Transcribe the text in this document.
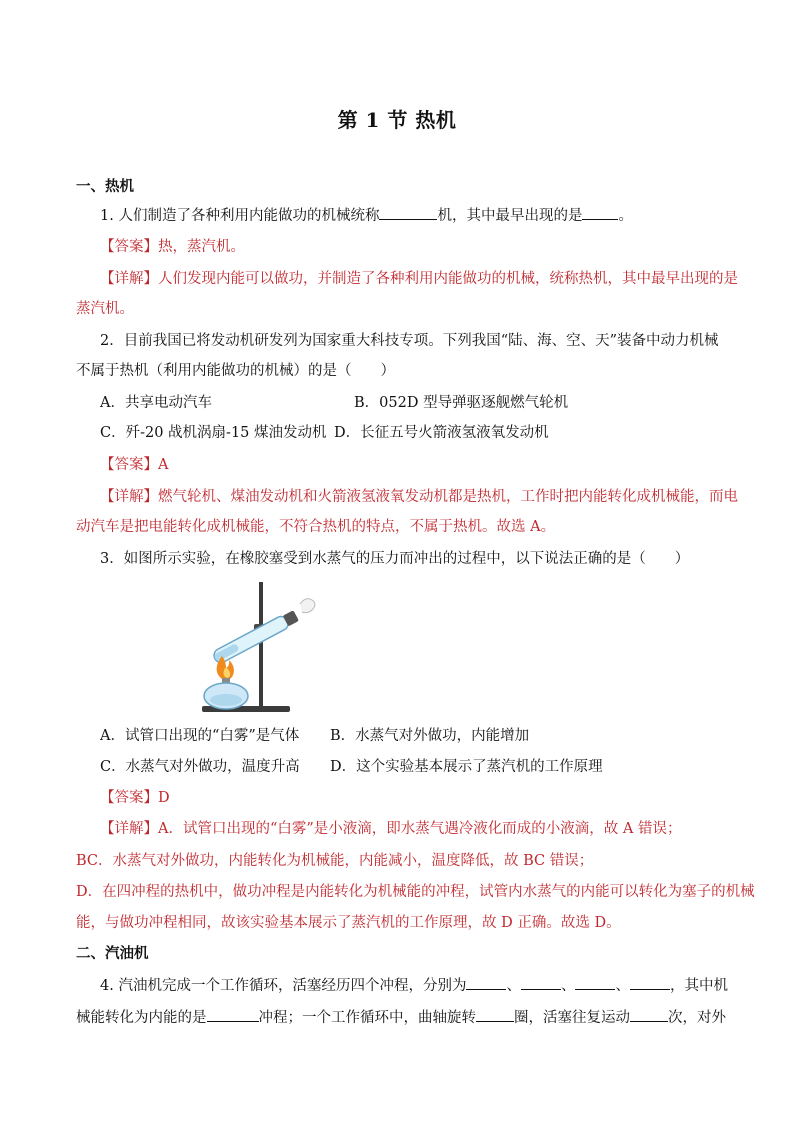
第 1 节 热机
一、热机
1. 人们制造了各种利用内能做功的机械统称	机，其中最早出现的是 。
【答案】热，蒸汽机。
【详解】人们发现内能可以做功，并制造了各种利用内能做功的机械，统称热机，其中最早出现的是
蒸汽机。
2．目前我国已将发动机研发列为国家重大科技专项。下列我国“陆、海、空、天”装备中动力机械
不属于热机（利用内能做功的机械）的是（　　）
A．共享电动汽车	B．052D 型导弹驱逐舰燃气轮机
C．歼-20 战机涡扇-15 煤油发动机 D．长征五号火箭液氢液氧发动机
【答案】A
【详解】燃气轮机、煤油发动机和火箭液氢液氧发动机都是热机，工作时把内能转化成机械能，而电
动汽车是把电能转化成机械能，不符合热机的特点，不属于热机。故选 A。
3．如图所示实验，在橡胶塞受到水蒸气的压力而冲出的过程中，以下说法正确的是（　　）
A．试管口出现的“白雾”是气体 B．水蒸气对外做功，内能增加
C．水蒸气对外做功，温度升高 D．这个实验基本展示了蒸汽机的工作原理
【答案】D
【详解】A．试管口出现的“白雾”是小液滴，即水蒸气遇冷液化而成的小液滴，故 A 错误；
BC．水蒸气对外做功，内能转化为机械能，内能减小，温度降低，故 BC 错误；
D．在四冲程的热机中，做功冲程是内能转化为机械能的冲程，试管内水蒸气的内能可以转化为塞子的机械
能，与做功冲程相同，故该实验基本展示了蒸汽机的工作原理，故 D 正确。故选 D。
二、汽油机
4. 汽油机完成一个工作循环，活塞经历四个冲程，分别为	、	、	、	，其中机
械能转化为内能的是	冲程；一个工作循环中，曲轴旋转	圈，活塞往复运动	次，对外
